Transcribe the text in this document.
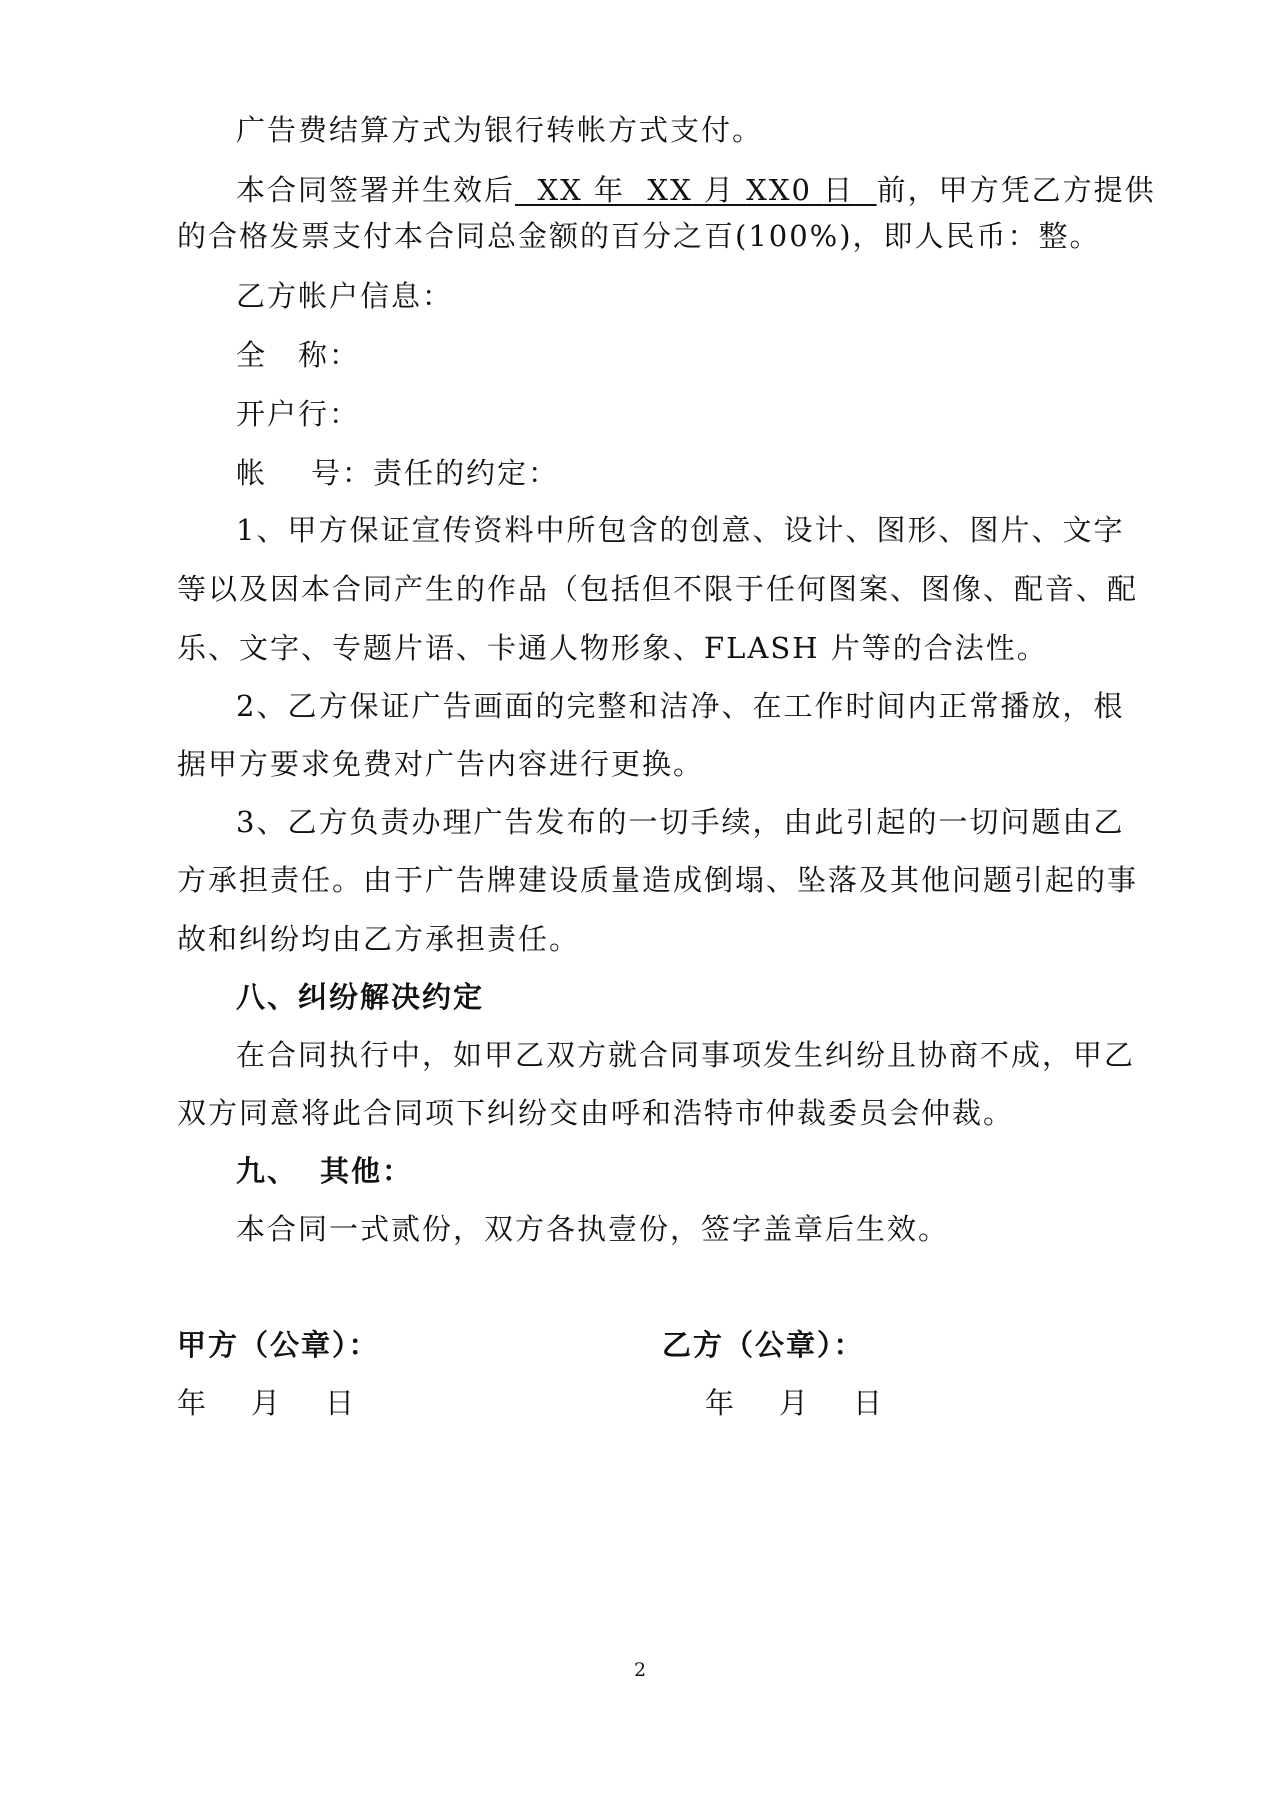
广告费结算方式为银行转帐方式支付。
本合同签署并生效后 XX 年 XX 月 XX0 日 前，甲方凭乙方提供
的合格发票支付本合同总金额的百分之百(100%)，即人民币：整。
乙方帐户信息：
全　称：
开户行：
帐 号：责任的约定：
1、甲方保证宣传资料中所包含的创意、设计、图形、图片、文字
等以及因本合同产生的作品（包括但不限于任何图案、图像、配音、配
乐、文字、专题片语、卡通人物形象、FLASH 片等的合法性。
2、乙方保证广告画面的完整和洁净、在工作时间内正常播放，根
据甲方要求免费对广告内容进行更换。
3、乙方负责办理广告发布的一切手续，由此引起的一切问题由乙
方承担责任。由于广告牌建设质量造成倒塌、坠落及其他问题引起的事
故和纠纷均由乙方承担责任。
八、纠纷解决约定
在合同执行中，如甲乙双方就合同事项发生纠纷且协商不成，甲乙
双方同意将此合同项下纠纷交由呼和浩特市仲裁委员会仲裁。
九、 其他：
本合同一式贰份，双方各执壹份，签字盖章后生效。
甲方（公章）：	乙方（公章）：
年 月 日	年 月 日
2
